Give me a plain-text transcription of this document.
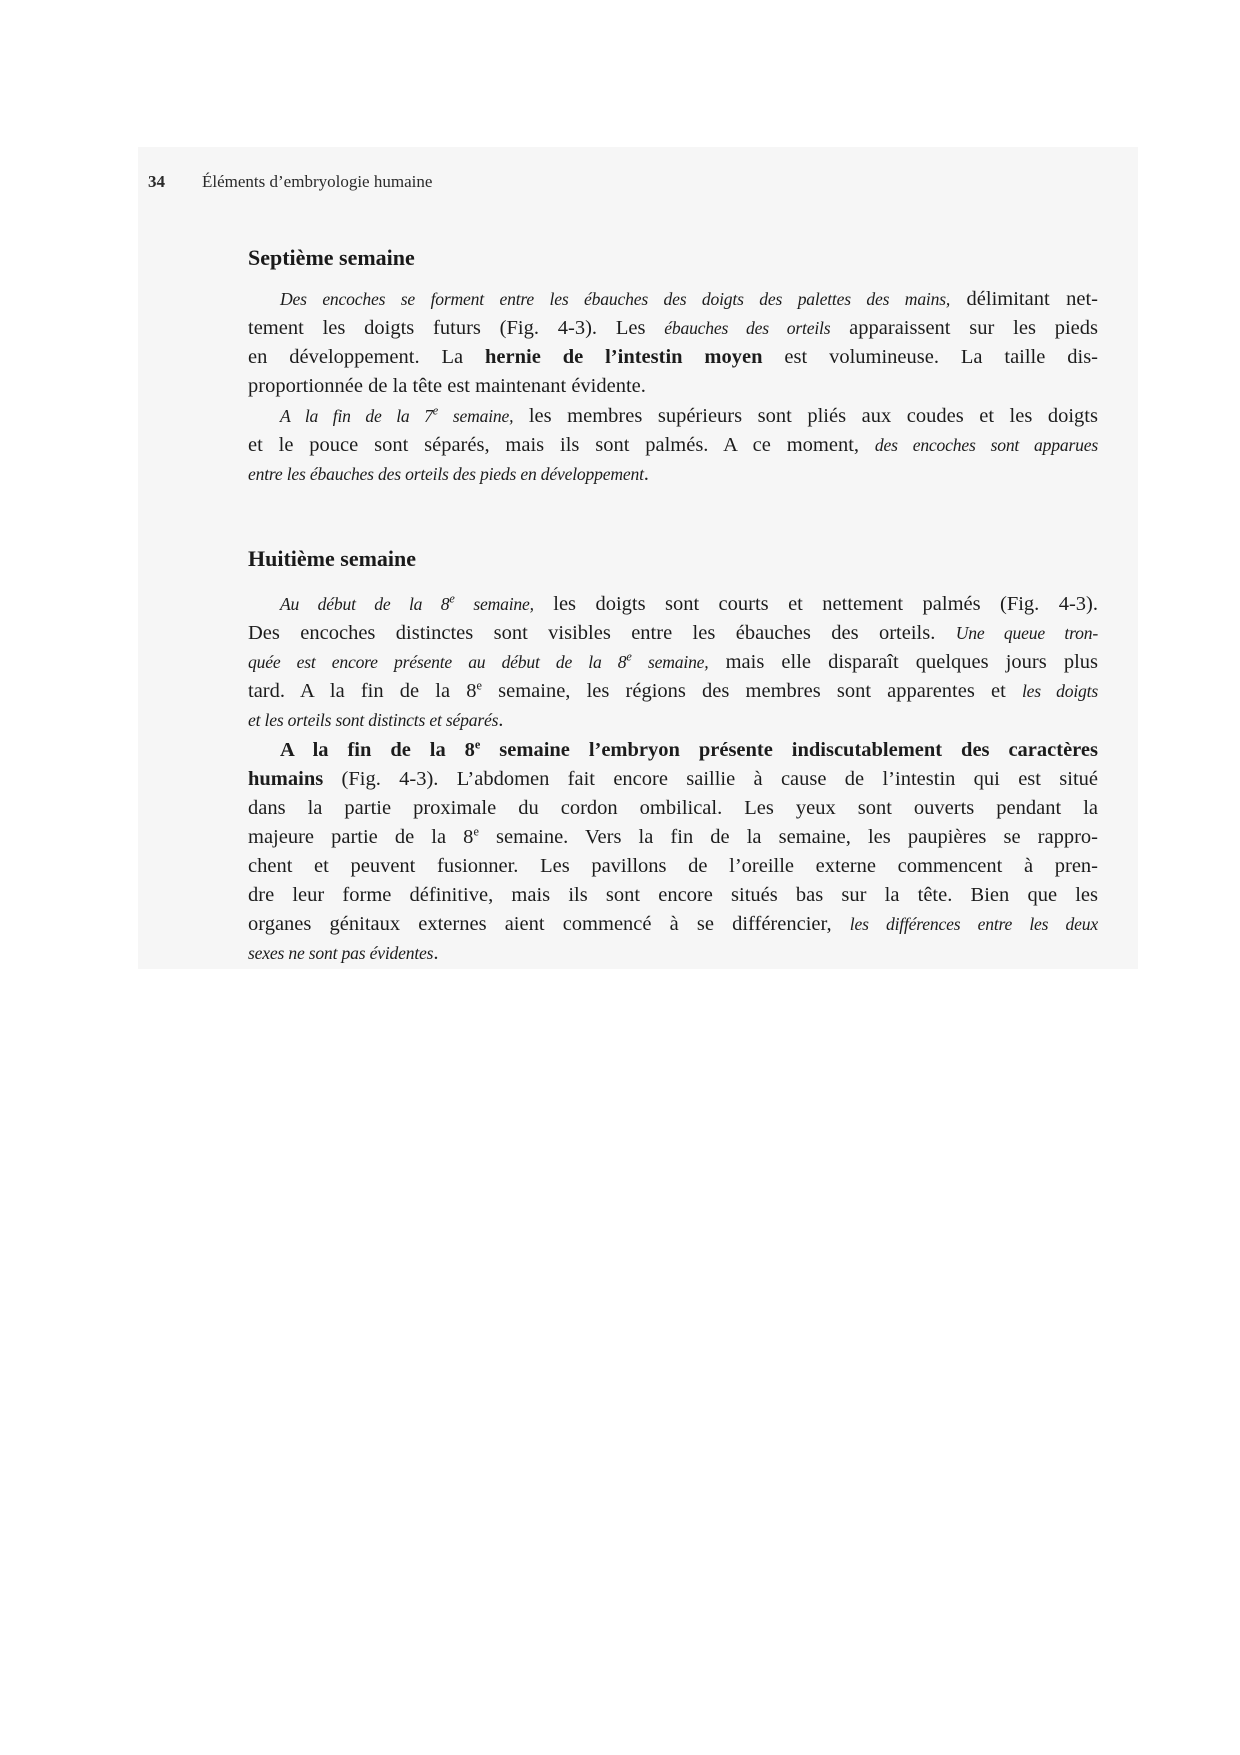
34 Éléments d’embryologie humaine
Septième semaine
Des encoches se forment entre les ébauches des doigts des palettes des mains, délimitant net-
tement les doigts futurs (Fig. 4-3). Les ébauches des orteils apparaissent sur les pieds
en développement. La hernie de l’intestin moyen est volumineuse. La taille dis-
proportionnée de la tête est maintenant évidente.
A la fin de la 7e semaine, les membres supérieurs sont pliés aux coudes et les doigts
et le pouce sont séparés, mais ils sont palmés. A ce moment, des encoches sont apparues
entre les ébauches des orteils des pieds en développement.
Huitième semaine
Au début de la 8e semaine, les doigts sont courts et nettement palmés (Fig. 4-3).
Des encoches distinctes sont visibles entre les ébauches des orteils. Une queue tron-
quée est encore présente au début de la 8e semaine, mais elle disparaît quelques jours plus
tard. A la fin de la 8e semaine, les régions des membres sont apparentes et les doigts
et les orteils sont distincts et séparés.
A la fin de la 8e semaine l’embryon présente indiscutablement des caractères
humains (Fig. 4-3). L’abdomen fait encore saillie à cause de l’intestin qui est situé
dans la partie proximale du cordon ombilical. Les yeux sont ouverts pendant la
majeure partie de la 8e semaine. Vers la fin de la semaine, les paupières se rappro-
chent et peuvent fusionner. Les pavillons de l’oreille externe commencent à pren-
dre leur forme définitive, mais ils sont encore situés bas sur la tête. Bien que les
organes génitaux externes aient commencé à se différencier, les différences entre les deux
sexes ne sont pas évidentes.
